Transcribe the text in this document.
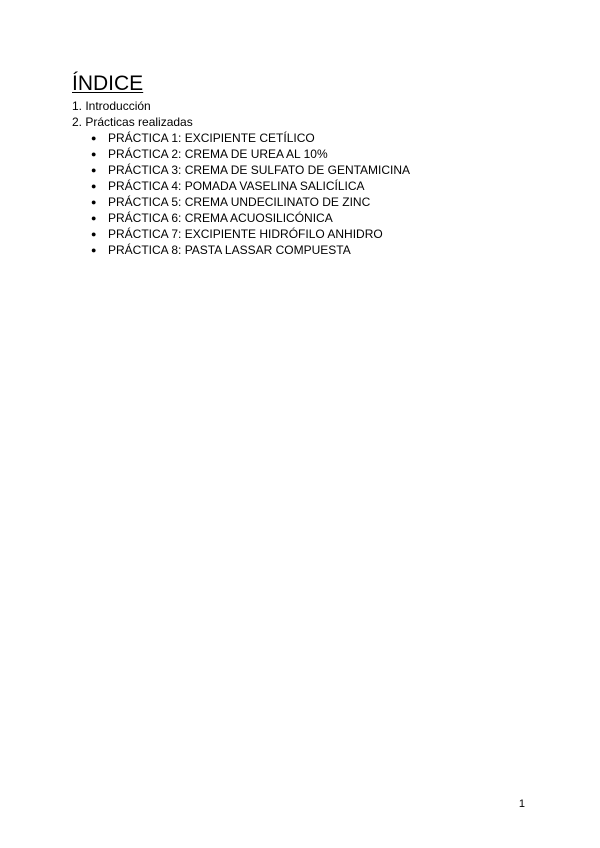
ÍNDICE
1. Introducción
2. Prácticas realizadas
● PRÁCTICA 1: EXCIPIENTE CETÍLICO
● PRÁCTICA 2: CREMA DE UREA AL 10%
● PRÁCTICA 3: CREMA DE SULFATO DE GENTAMICINA
● PRÁCTICA 4: POMADA VASELINA SALICÍLICA
● PRÁCTICA 5: CREMA UNDECILINATO DE ZINC
● PRÁCTICA 6: CREMA ACUOSILICÓNICA
● PRÁCTICA 7: EXCIPIENTE HIDRÓFILO ANHIDRO
● PRÁCTICA 8: PASTA LASSAR COMPUESTA
1
